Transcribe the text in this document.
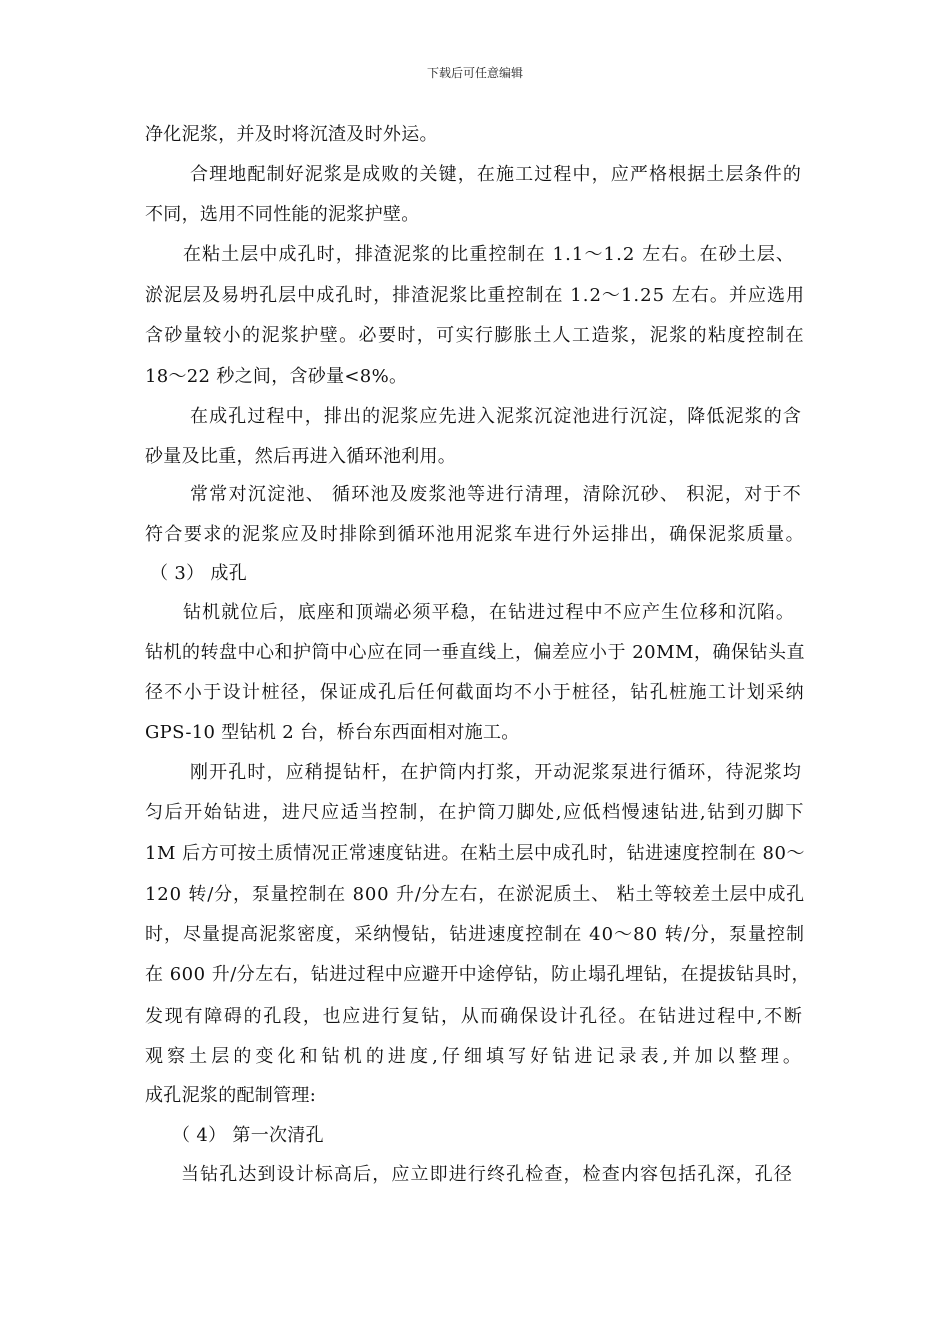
下载后可任意编辑
净化泥浆，并及时将沉渣及时外运。
合理地配制好泥浆是成败的关键，在施工过程中，应严格根据土层条件的
不同，选用不同性能的泥浆护壁。
在粘土层中成孔时，排渣泥浆的比重控制在 1.1～1.2 左右。在砂土层、
淤泥层及易坍孔层中成孔时，排渣泥浆比重控制在 1.2～1.25 左右。并应选用
含砂量较小的泥浆护壁。必要时，可实行膨胀土人工造浆，泥浆的粘度控制在
18～22 秒之间，含砂量<8%。
在成孔过程中，排出的泥浆应先进入泥浆沉淀池进行沉淀，降低泥浆的含
砂量及比重，然后再进入循环池利用。
常常对沉淀池、 循环池及废浆池等进行清理，清除沉砂、 积泥，对于不
符合要求的泥浆应及时排除到循环池用泥浆车进行外运排出，确保泥浆质量。
（ 3） 成孔
钻机就位后，底座和顶端必须平稳，在钻进过程中不应产生位移和沉陷。
钻机的转盘中心和护筒中心应在同一垂直线上，偏差应小于 20MM，确保钻头直
径不小于设计桩径，保证成孔后任何截面均不小于桩径，钻孔桩施工计划采纳
GPS-10 型钻机 2 台，桥台东西面相对施工。
刚开孔时，应稍提钻杆，在护筒内打浆，开动泥浆泵进行循环，待泥浆均
匀后开始钻进，进尺应适当控制，在护筒刀脚处,应低档慢速钻进,钻到刃脚下
1M 后方可按土质情况正常速度钻进。在粘土层中成孔时，钻进速度控制在 80～
120 转/分，泵量控制在 800 升/分左右，在淤泥质土、 粘土等较差土层中成孔
时，尽量提高泥浆密度，采纳慢钻，钻进速度控制在 40～80 转/分，泵量控制
在 600 升/分左右，钻进过程中应避开中途停钻，防止塌孔埋钻，在提拔钻具时，
发现有障碍的孔段，也应进行复钻，从而确保设计孔径。在钻进过程中,不断
观察土层的变化和钻机的进度,仔细填写好钻进记录表,并加以整理。
成孔泥浆的配制管理:
（ 4） 第一次清孔
当钻孔达到设计标高后，应立即进行终孔检查，检查内容包括孔深，孔径
